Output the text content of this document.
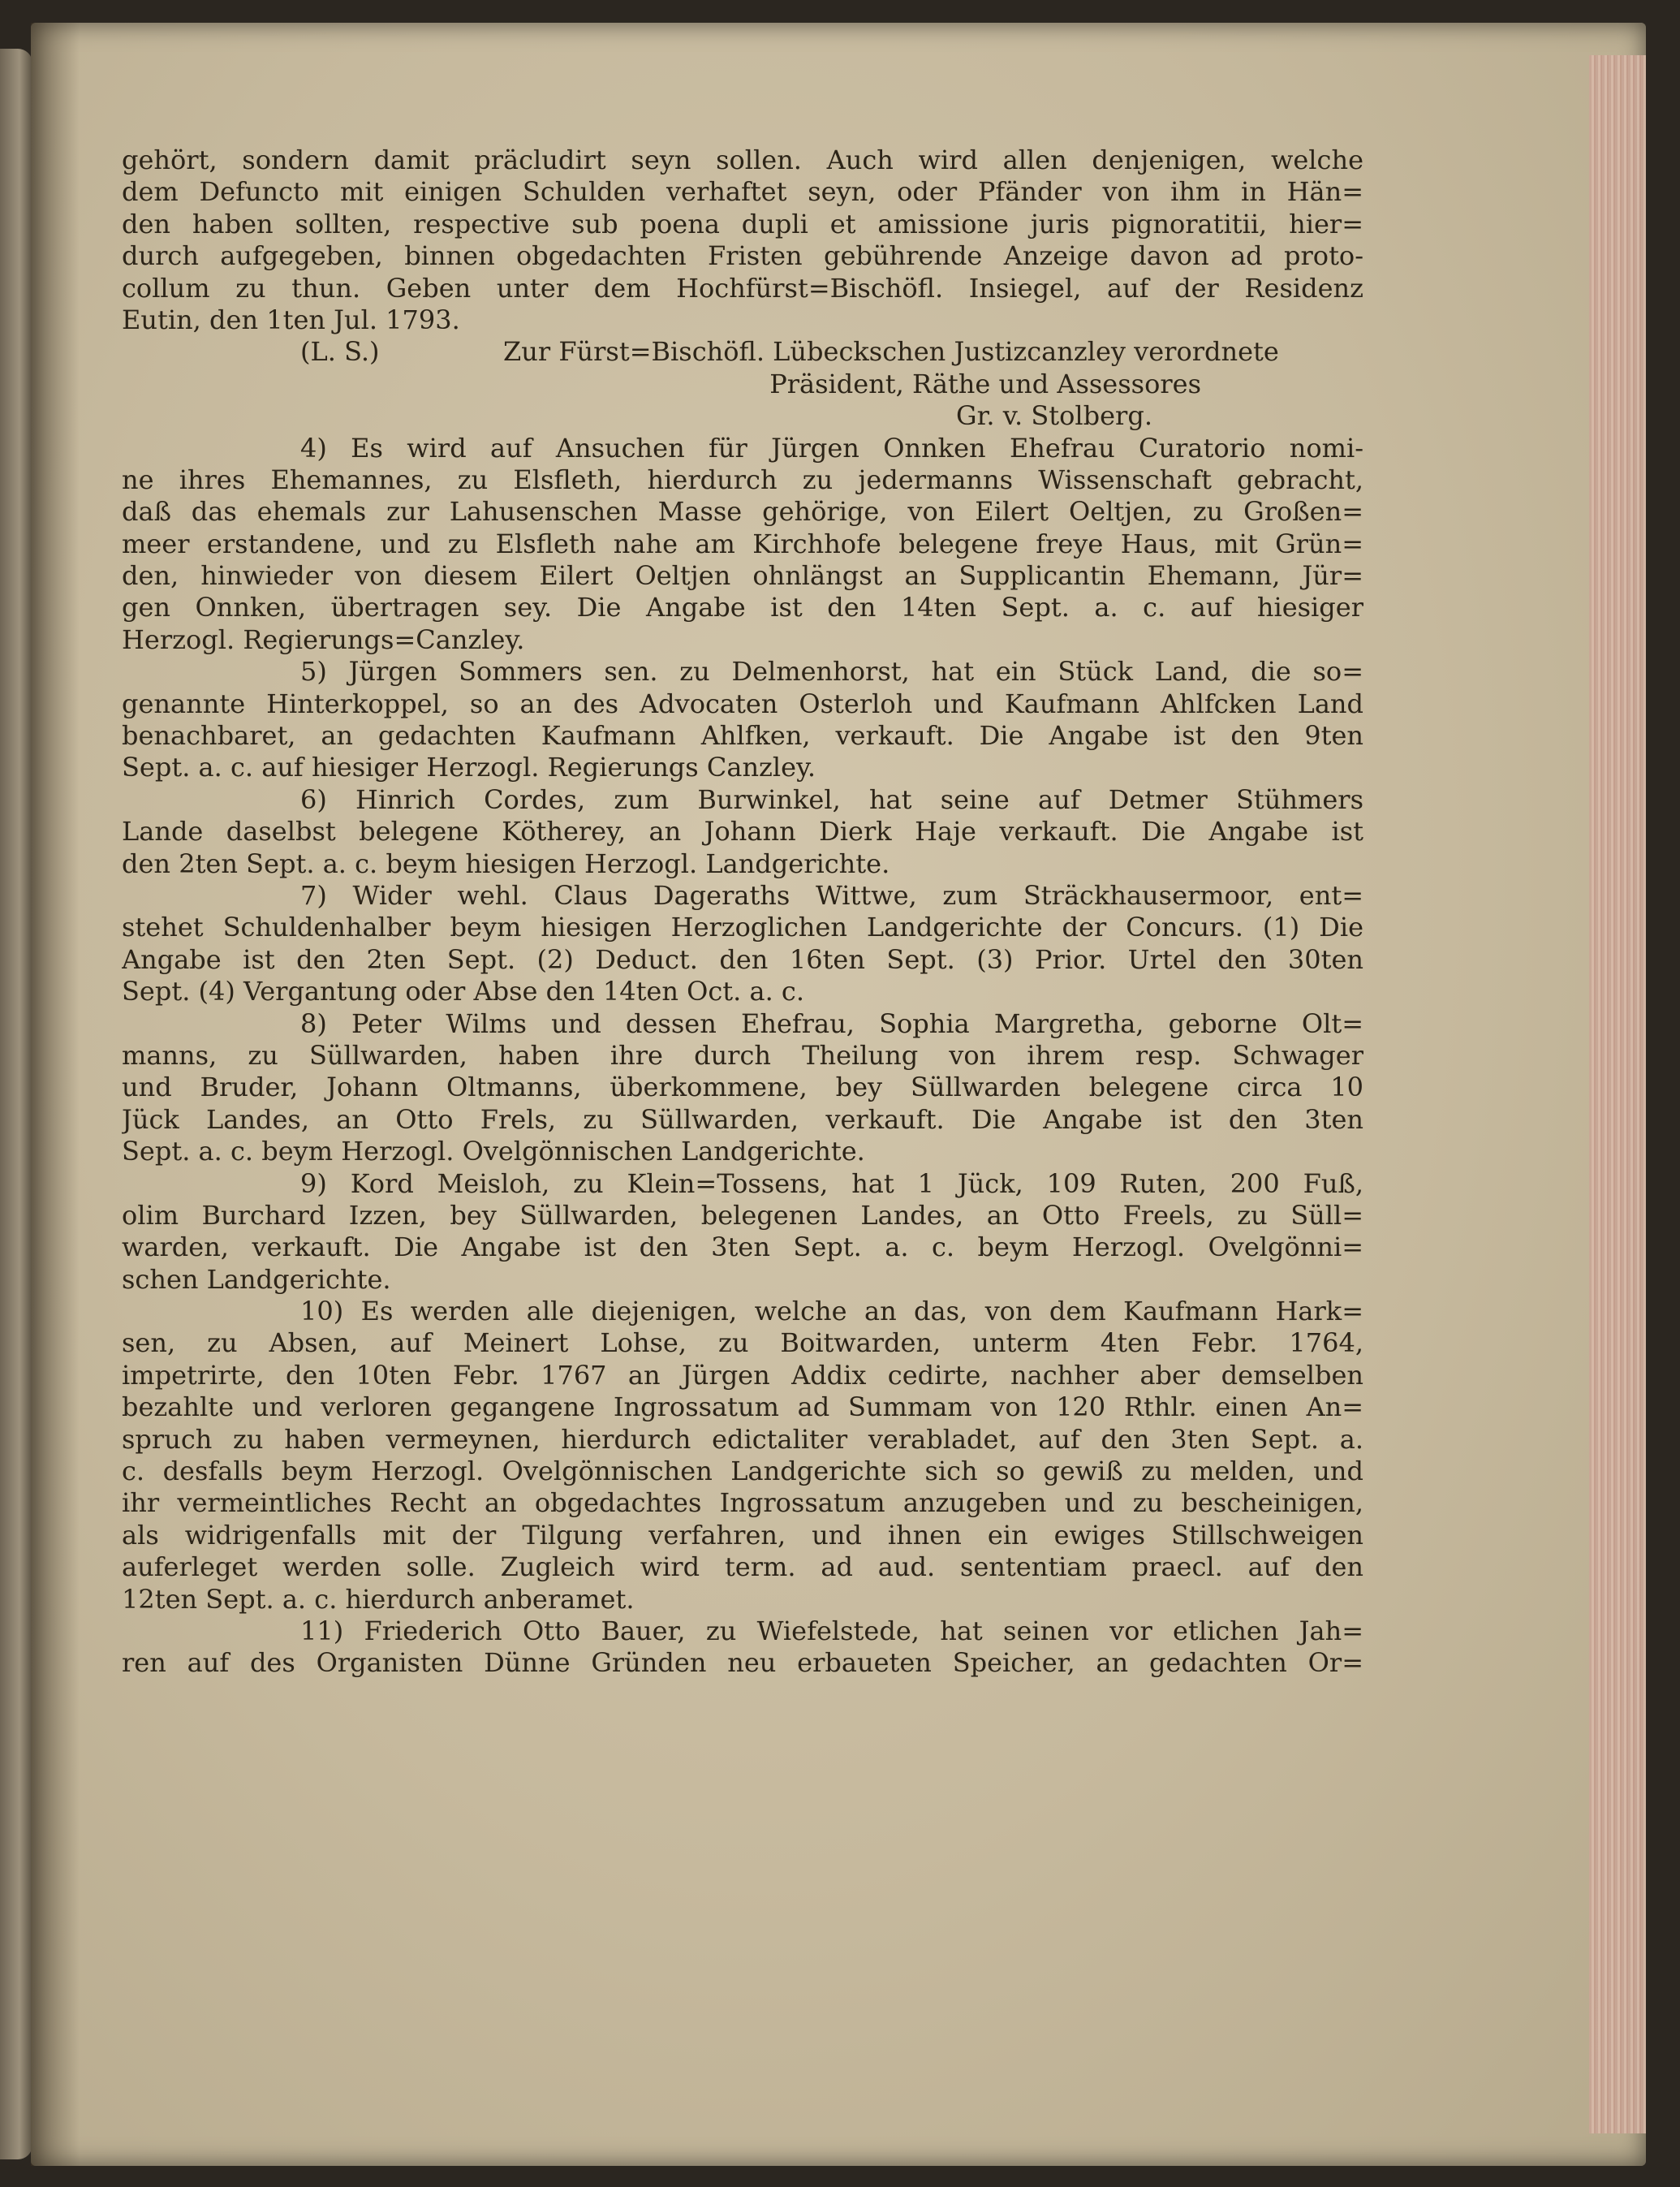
gehört, sondern damit präcludirt seyn sollen. Auch wird allen denjenigen, welche
dem Defuncto mit einigen Schulden verhaftet seyn, oder Pfänder von ihm in Hän=
den haben sollten, respective sub poena dupli et amissione juris pignoratitii, hier=
durch aufgegeben, binnen obgedachten Fristen gebührende Anzeige davon ad proto-
collum zu thun. Geben unter dem Hochfürst=Bischöfl. Insiegel, auf der Residenz
Eutin, den 1ten Jul. 1793.
(L. S.)	Zur Fürst=Bischöfl. Lübeckschen Justizcanzley verordnete
Präsident, Räthe und Assessores
Gr. v. Stolberg.
4) Es wird auf Ansuchen für Jürgen Onnken Ehefrau Curatorio nomi-
ne ihres Ehemannes, zu Elsfleth, hierdurch zu jedermanns Wissenschaft gebracht,
daß das ehemals zur Lahusenschen Masse gehörige, von Eilert Oeltjen, zu Großen=
meer erstandene, und zu Elsfleth nahe am Kirchhofe belegene freye Haus, mit Grün=
den, hinwieder von diesem Eilert Oeltjen ohnlängst an Supplicantin Ehemann, Jür=
gen Onnken, übertragen sey. Die Angabe ist den 14ten Sept. a. c. auf hiesiger
Herzogl. Regierungs=Canzley.
5) Jürgen Sommers sen. zu Delmenhorst, hat ein Stück Land, die so=
genannte Hinterkoppel, so an des Advocaten Osterloh und Kaufmann Ahlfcken Land
benachbaret, an gedachten Kaufmann Ahlfken, verkauft. Die Angabe ist den 9ten
Sept. a. c. auf hiesiger Herzogl. Regierungs Canzley.
6) Hinrich Cordes, zum Burwinkel, hat seine auf Detmer Stühmers
Lande daselbst belegene Kötherey, an Johann Dierk Haje verkauft. Die Angabe ist
den 2ten Sept. a. c. beym hiesigen Herzogl. Landgerichte.
7) Wider wehl. Claus Dageraths Wittwe, zum Sträckhausermoor, ent=
stehet Schuldenhalber beym hiesigen Herzoglichen Landgerichte der Concurs. (1) Die
Angabe ist den 2ten Sept. (2) Deduct. den 16ten Sept. (3) Prior. Urtel den 30ten
Sept. (4) Vergantung oder Abse den 14ten Oct. a. c.
8) Peter Wilms und dessen Ehefrau, Sophia Margretha, geborne Olt=
manns, zu Süllwarden, haben ihre durch Theilung von ihrem resp. Schwager
und Bruder, Johann Oltmanns, überkommene, bey Süllwarden belegene circa 10
Jück Landes, an Otto Frels, zu Süllwarden, verkauft. Die Angabe ist den 3ten
Sept. a. c. beym Herzogl. Ovelgönnischen Landgerichte.
9) Kord Meisloh, zu Klein=Tossens, hat 1 Jück, 109 Ruten, 200 Fuß,
olim Burchard Izzen, bey Süllwarden, belegenen Landes, an Otto Freels, zu Süll=
warden, verkauft. Die Angabe ist den 3ten Sept. a. c. beym Herzogl. Ovelgönni=
schen Landgerichte.
10) Es werden alle diejenigen, welche an das, von dem Kaufmann Hark=
sen, zu Absen, auf Meinert Lohse, zu Boitwarden, unterm 4ten Febr. 1764,
impetrirte, den 10ten Febr. 1767 an Jürgen Addix cedirte, nachher aber demselben
bezahlte und verloren gegangene Ingrossatum ad Summam von 120 Rthlr. einen An=
spruch zu haben vermeynen, hierdurch edictaliter verabladet, auf den 3ten Sept. a.
c. desfalls beym Herzogl. Ovelgönnischen Landgerichte sich so gewiß zu melden, und
ihr vermeintliches Recht an obgedachtes Ingrossatum anzugeben und zu bescheinigen,
als widrigenfalls mit der Tilgung verfahren, und ihnen ein ewiges Stillschweigen
auferleget werden solle. Zugleich wird term. ad aud. sententiam praecl. auf den
12ten Sept. a. c. hierdurch anberamet.
11) Friederich Otto Bauer, zu Wiefelstede, hat seinen vor etlichen Jah=
ren auf des Organisten Dünne Gründen neu erbaueten Speicher, an gedachten Or=
